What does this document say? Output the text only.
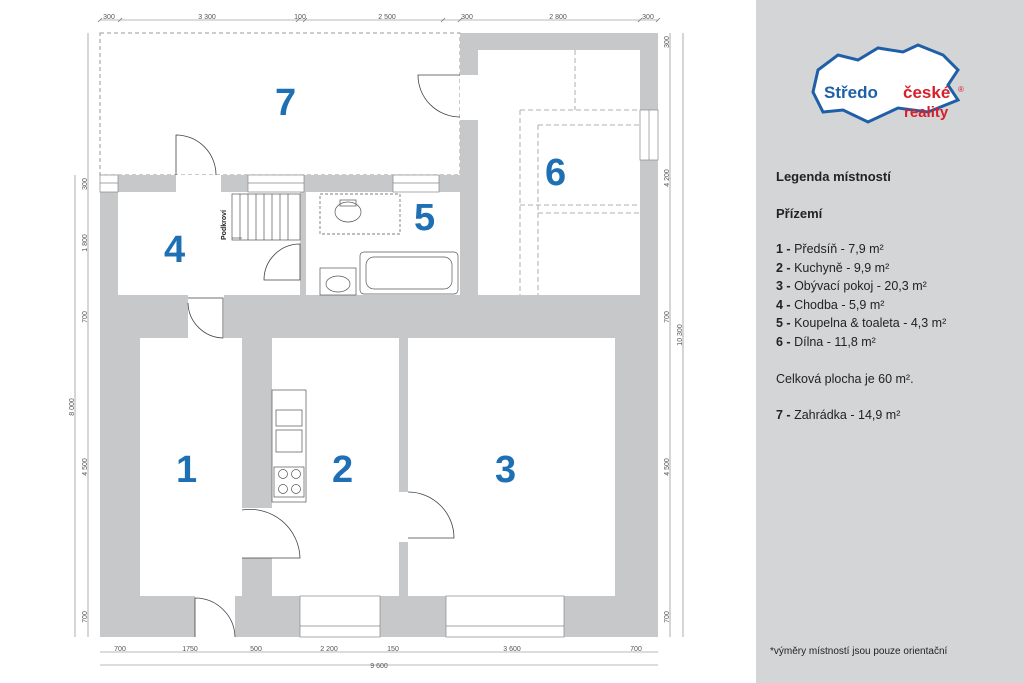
Podkroví
7
4
5
6
1	2	3
300	3 300	100	2 500	300	2 800	300
700	1750	500	2 200	150	3 600	700
9 600
300
1 800
700
4 500
700
8 000
300
4 200
700
4 500
700
10 300
Středo české ®
reality
Legenda místností
Přízemí
1 - Předsíň - 7,9 m²
2 - Kuchyně - 9,9 m²
3 - Obývací pokoj - 20,3 m²
4 - Chodba - 5,9 m²
5 - Koupelna & toaleta - 4,3 m²
6 - Dílna - 11,8 m²
Celková plocha je 60 m².
7 - Zahrádka - 14,9 m²
*výměry místností jsou pouze orientační
